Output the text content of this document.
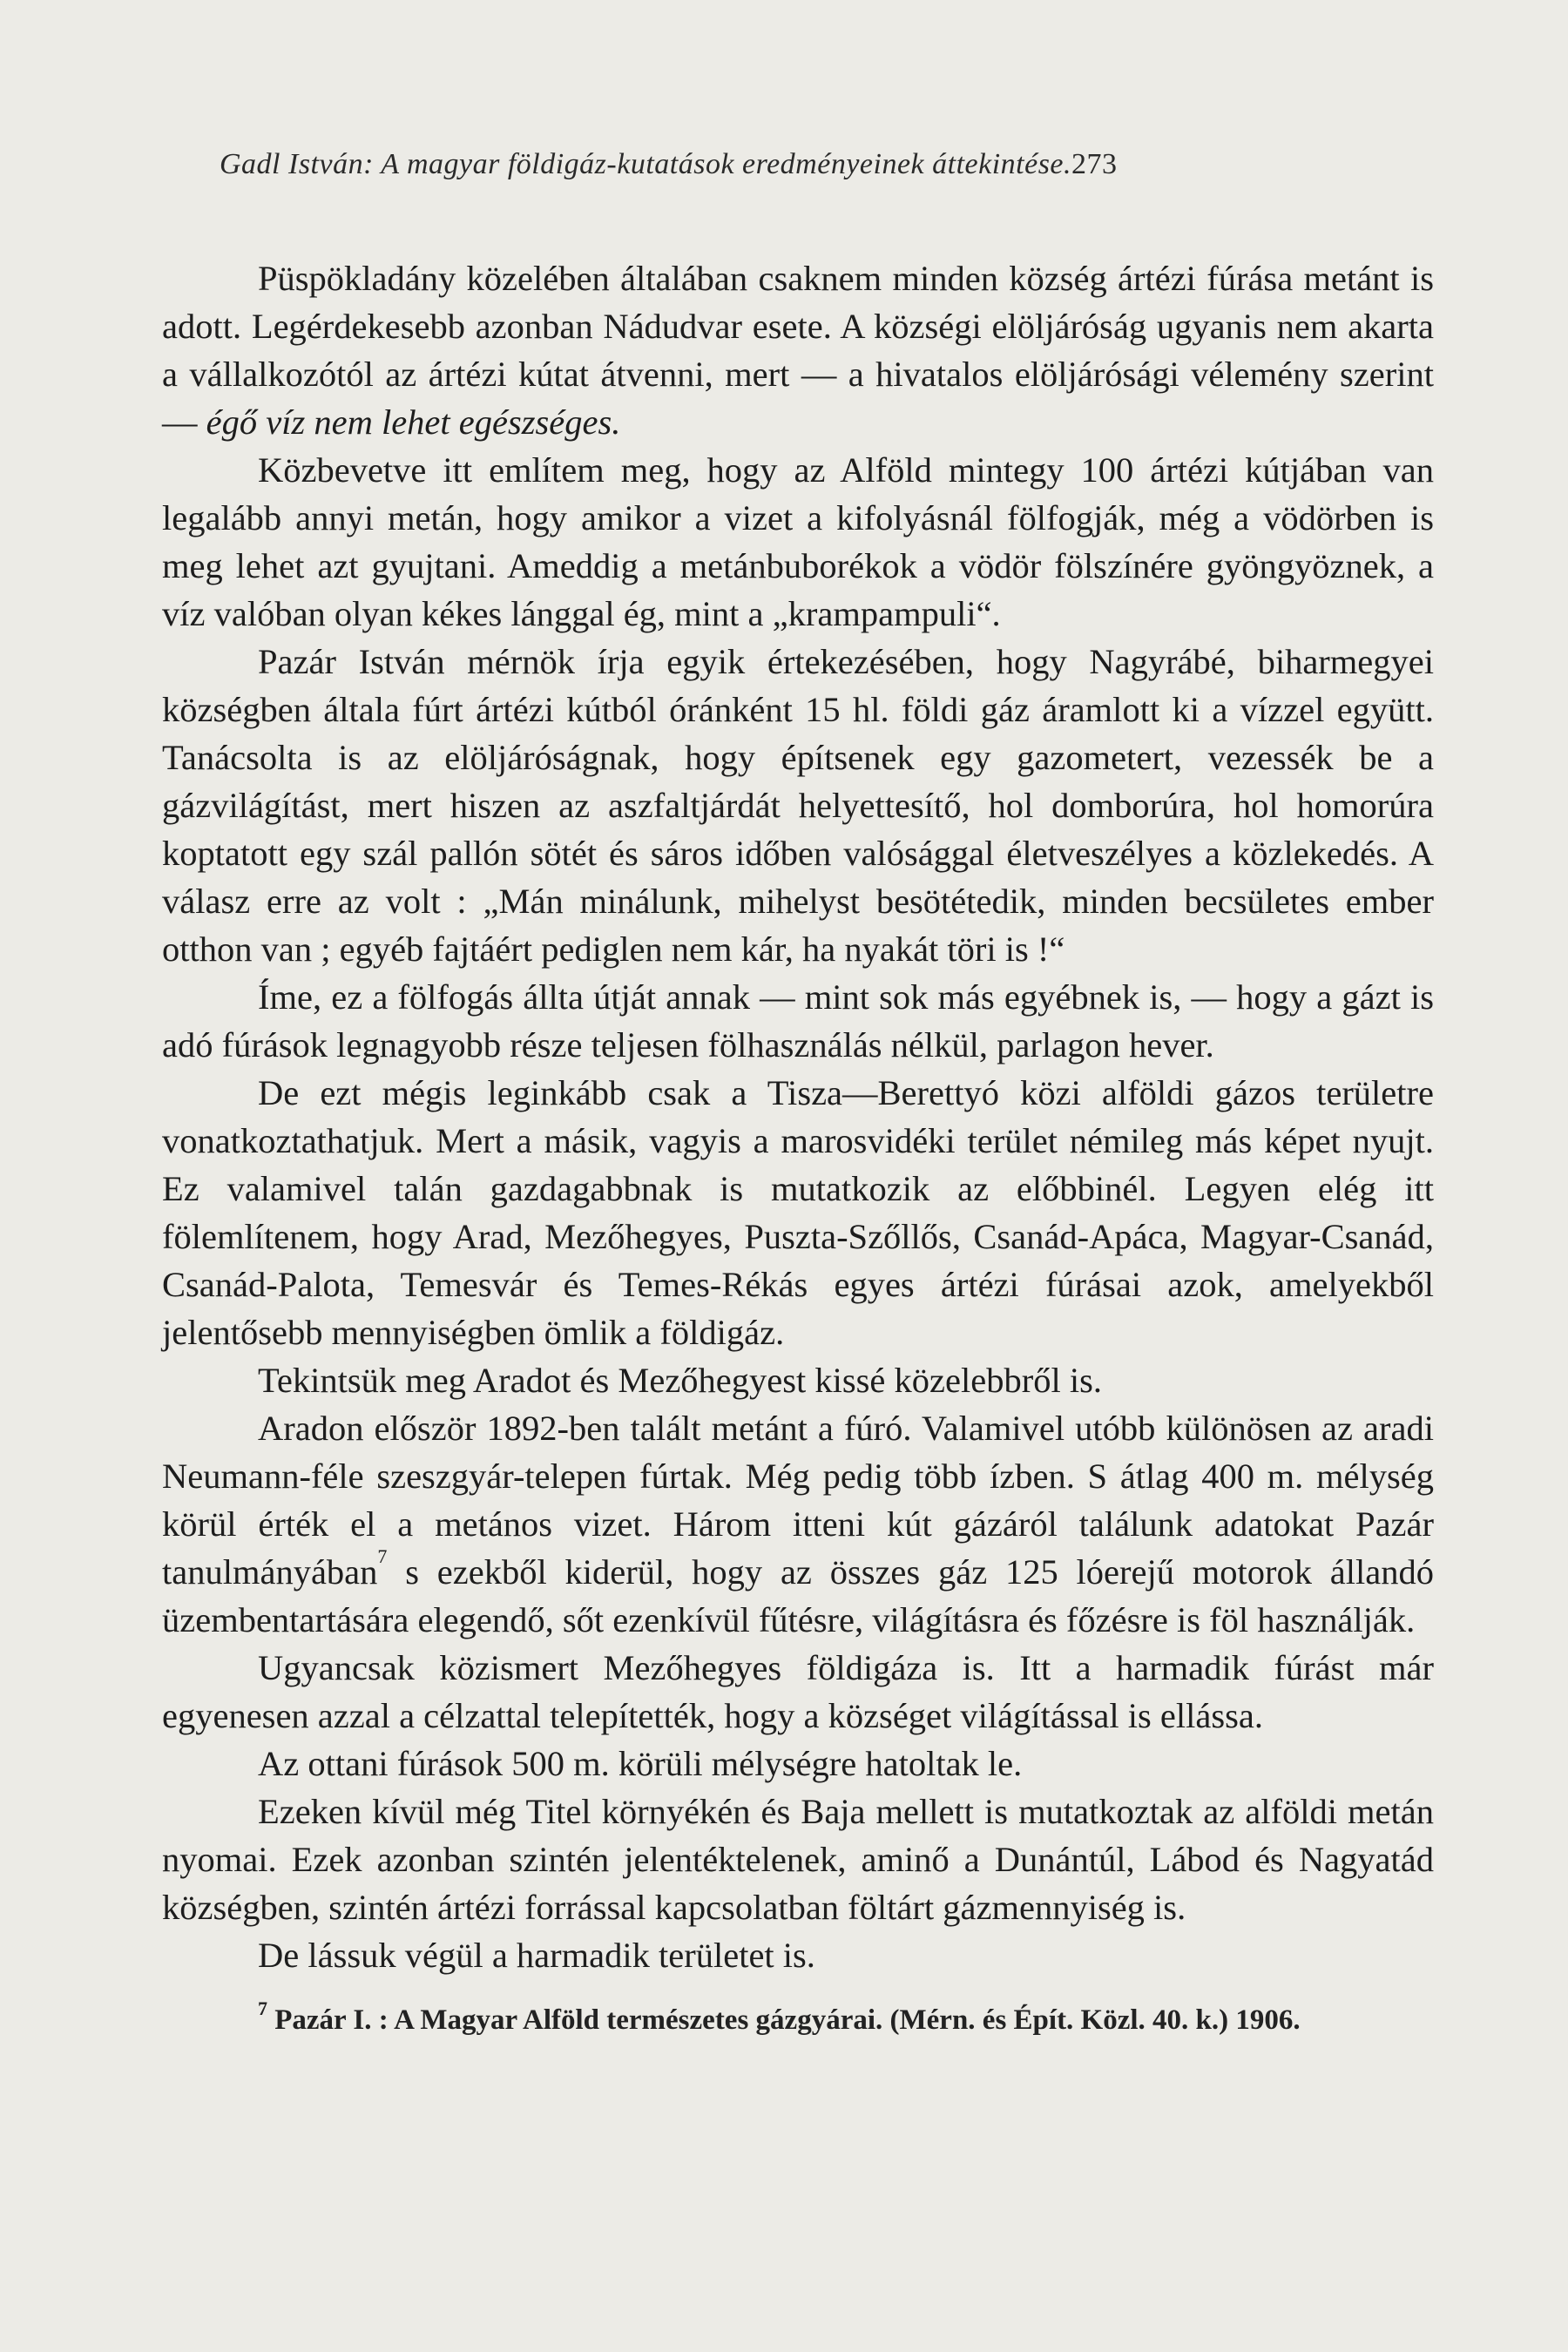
Gadl István: A magyar földigáz-kutatások eredményeinek áttekintése.273

Püspökladány közelében általában csaknem minden község ártézi fúrása metánt is adott. Legérdekesebb azonban Nádudvar esete. A községi elöljáróság ugyanis nem akarta a vállalkozótól az ártézi kútat átvenni, mert — a hivatalos elöljárósági vélemény szerint — égő víz nem lehet egészséges.

Közbevetve itt említem meg, hogy az Alföld mintegy 100 ártézi kútjában van legalább annyi metán, hogy amikor a vizet a kifolyásnál fölfogják, még a vödörben is meg lehet azt gyujtani. Ameddig a metánbuborékok a vödör fölszínére gyöngyöznek, a víz valóban olyan kékes lánggal ég, mint a „krampampuli“.

Pazár István mérnök írja egyik értekezésében, hogy Nagyrábé, biharmegyei községben általa fúrt ártézi kútból óránként 15 hl. földi gáz áramlott ki a vízzel együtt. Tanácsolta is az elöljáróságnak, hogy építsenek egy gazometert, vezessék be a gázvilágítást, mert hiszen az aszfaltjárdát helyettesítő, hol domborúra, hol homorúra koptatott egy szál pallón sötét és sáros időben valósággal életveszélyes a közlekedés. A válasz erre az volt : „Mán minálunk, mihelyst besötétedik, minden becsületes ember otthon van ; egyéb fajtáért pediglen nem kár, ha nyakát töri is !“

Íme, ez a fölfogás állta útját annak — mint sok más egyébnek is, — hogy a gázt is adó fúrások legnagyobb része teljesen fölhasználás nélkül, parlagon hever.

De ezt mégis leginkább csak a Tisza—Berettyó közi alföldi gázos területre vonatkoztathatjuk. Mert a másik, vagyis a marosvidéki terület némileg más képet nyujt. Ez valamivel talán gazdagabbnak is mutatkozik az előbbinél. Legyen elég itt fölemlítenem, hogy Arad, Mezőhegyes, Puszta-Szőllős, Csanád-Apáca, Magyar-Csanád, Csanád-Palota, Temesvár és Temes-Rékás egyes ártézi fúrásai azok, amelyekből jelentősebb mennyiségben ömlik a földigáz.

Tekintsük meg Aradot és Mezőhegyest kissé közelebbről is.

Aradon először 1892-ben talált metánt a fúró. Valamivel utóbb különösen az aradi Neumann-féle szeszgyár-telepen fúrtak. Még pedig több ízben. S átlag 400 m. mélység körül érték el a metános vizet. Három itteni kút gázáról találunk adatokat Pazár tanulmányában$^7$ s ezekből kiderül, hogy az összes gáz 125 lóerejű motorok állandó üzembentartására elegendő, sőt ezenkívül fűtésre, világításra és főzésre is föl használják.

Ugyancsak közismert Mezőhegyes földigáza is. Itt a harmadik fúrást már egyenesen azzal a célzattal telepítették, hogy a községet világítással is ellássa.

Az ottani fúrások 500 m. körüli mélységre hatoltak le.

Ezeken kívül még Titel környékén és Baja mellett is mutatkoztak az alföldi metán nyomai. Ezek azonban szintén jelentéktelenek, aminő a Dunántúl, Lábod és Nagyatád községben, szintén ártézi forrással kapcsolatban föltárt gázmennyiség is.

De lássuk végül a harmadik területet is.

$^7$ Pazár I. : A Magyar Alföld természetes gázgyárai. (Mérn. és Épít. Közl. 40. k.) 1906.
